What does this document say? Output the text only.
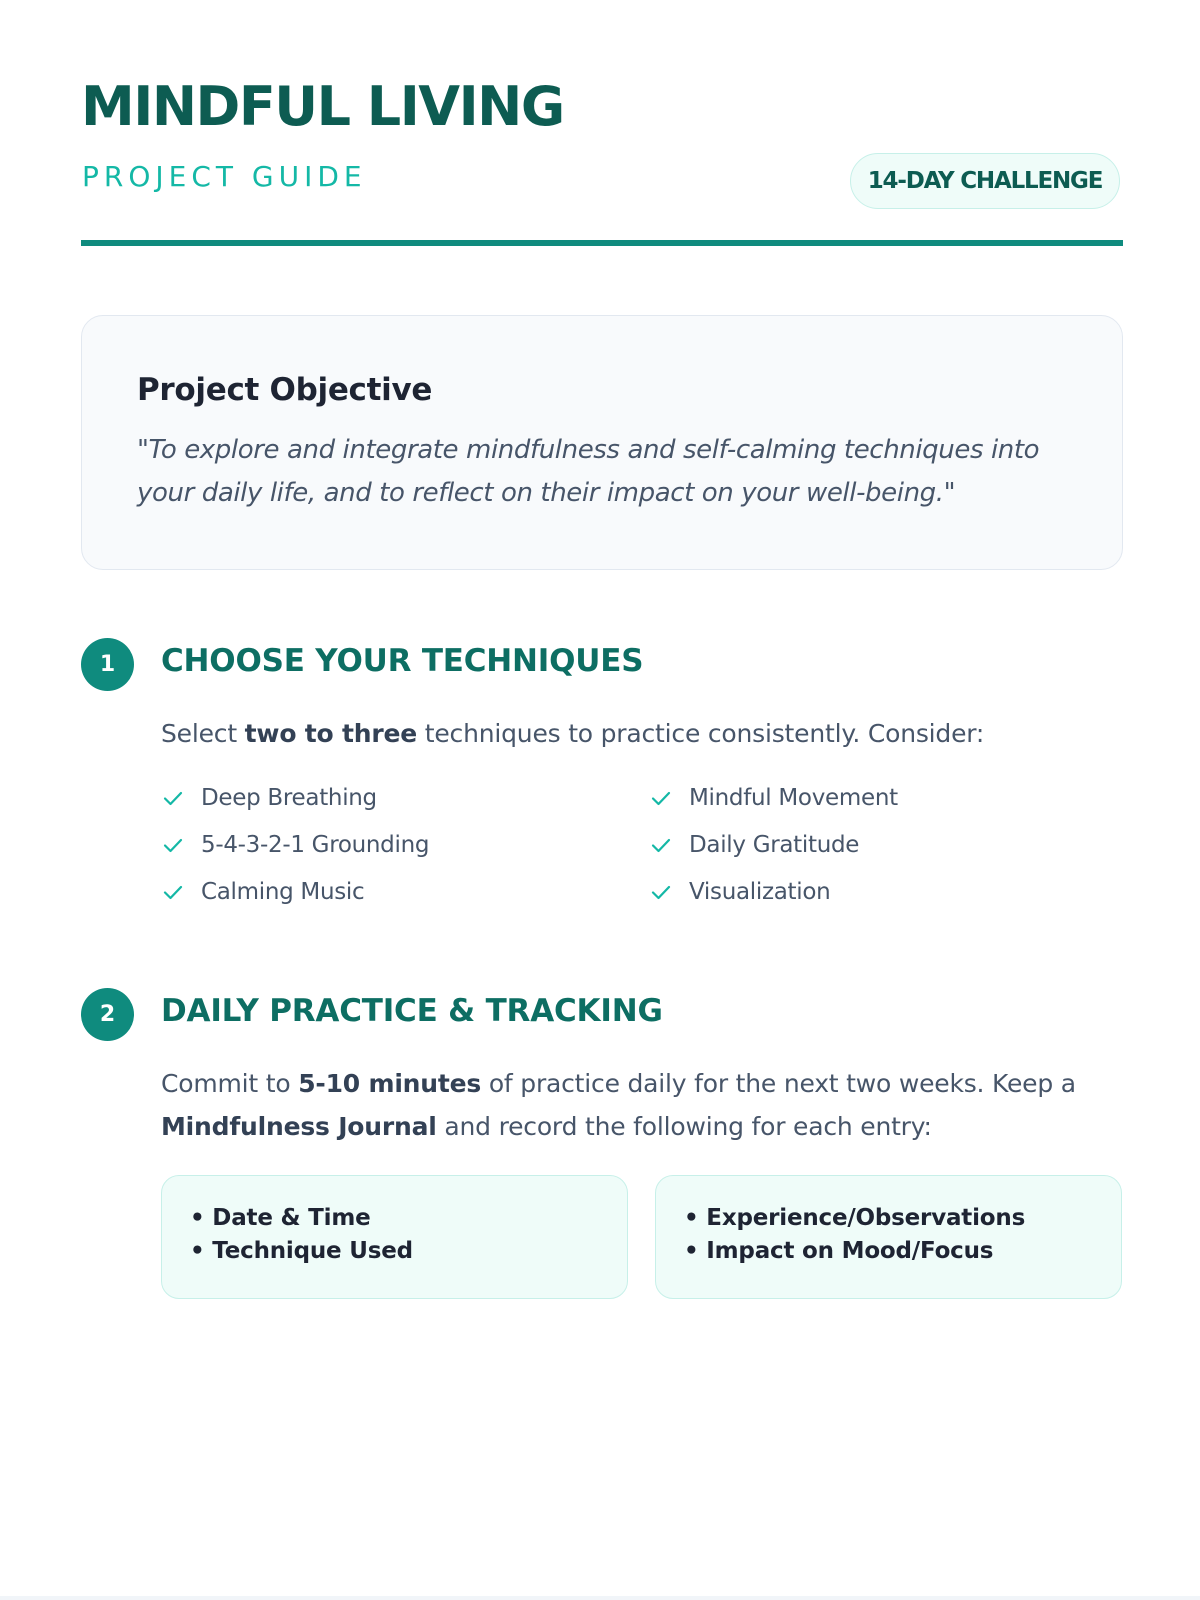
MINDFUL LIVING
PROJECT GUIDE	14-DAY CHALLENGE
Project Objective
"To explore and integrate mindfulness and self-calming techniques into your daily life, and to reflect on their impact on your well-being."
1 CHOOSE YOUR TECHNIQUES
Select two to three techniques to practice consistently. Consider:
Deep Breathing
5-4-3-2-1 Grounding
Calming Music
Mindful Movement
Daily Gratitude
Visualization
2 DAILY PRACTICE & TRACKING
Commit to 5-10 minutes of practice daily for the next two weeks. Keep a Mindfulness Journal and record the following for each entry:
• Date & Time
• Technique Used
• Experience/Observations
• Impact on Mood/Focus
